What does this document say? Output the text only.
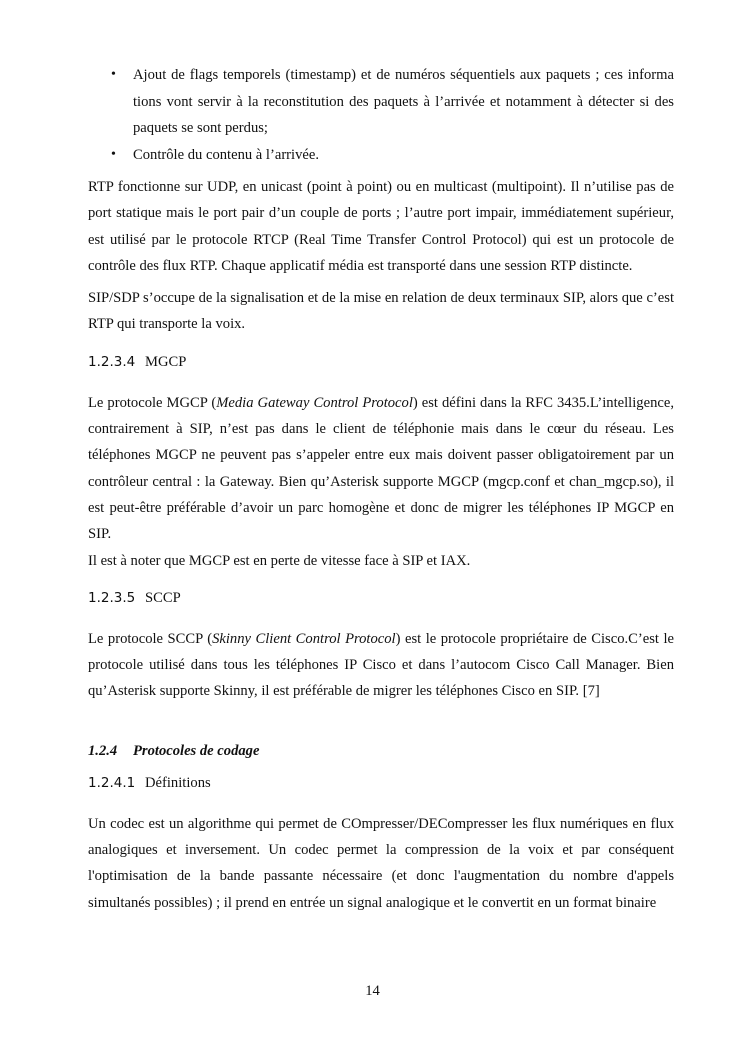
• Ajout de flags temporels (timestamp) et de numéros séquentiels aux paquets ; ces informa tions vont servir à la reconstitution des paquets à l’arrivée et notamment à détecter si des paquets se sont perdus;
• Contrôle du contenu à l’arrivée.

RTP fonctionne sur UDP, en unicast (point à point) ou en multicast (multipoint). Il n’utilise pas de port statique mais le port pair d’un couple de ports ; l’autre port impair, immédiatement supérieur, est utilisé par le protocole RTCP (Real Time Transfer Control Protocol) qui est un protocole de contrôle des flux RTP. Chaque applicatif média est transporté dans une session RTP distincte.

SIP/SDP s’occupe de la signalisation et de la mise en relation de deux terminaux SIP, alors que c’est RTP qui transporte la voix.

1.2.3.4 MGCP

Le protocole MGCP (Media Gateway Control Protocol) est défini dans la RFC 3435.L’intelligence, contrairement à SIP, n’est pas dans le client de téléphonie mais dans le cœur du réseau. Les téléphones MGCP ne peuvent pas s’appeler entre eux mais doivent passer obligatoirement par un contrôleur central : la Gateway. Bien qu’Asterisk supporte MGCP (mgcp.conf et chan_mgcp.so), il est peut-être préférable d’avoir un parc homogène et donc de migrer les téléphones IP MGCP en SIP.

Il est à noter que MGCP est en perte de vitesse face à SIP et IAX.

1.2.3.5 SCCP

Le protocole SCCP (Skinny Client Control Protocol) est le protocole propriétaire de Cisco.C’est le protocole utilisé dans tous les téléphones IP Cisco et dans l’autocom Cisco Call Manager. Bien qu’Asterisk supporte Skinny, il est préférable de migrer les téléphones Cisco en SIP. [7]

1.2.4	Protocoles de codage
1.2.4.1 Définitions

Un codec est un algorithme qui permet de COmpresser/DECompresser les flux numériques en flux analogiques et inversement. Un codec permet la compression de la voix et par conséquent l'optimisation de la bande passante nécessaire (et donc l'augmentation du nombre d'appels simultanés possibles) ; il prend en entrée un signal analogique et le convertit en un format binaire

14
